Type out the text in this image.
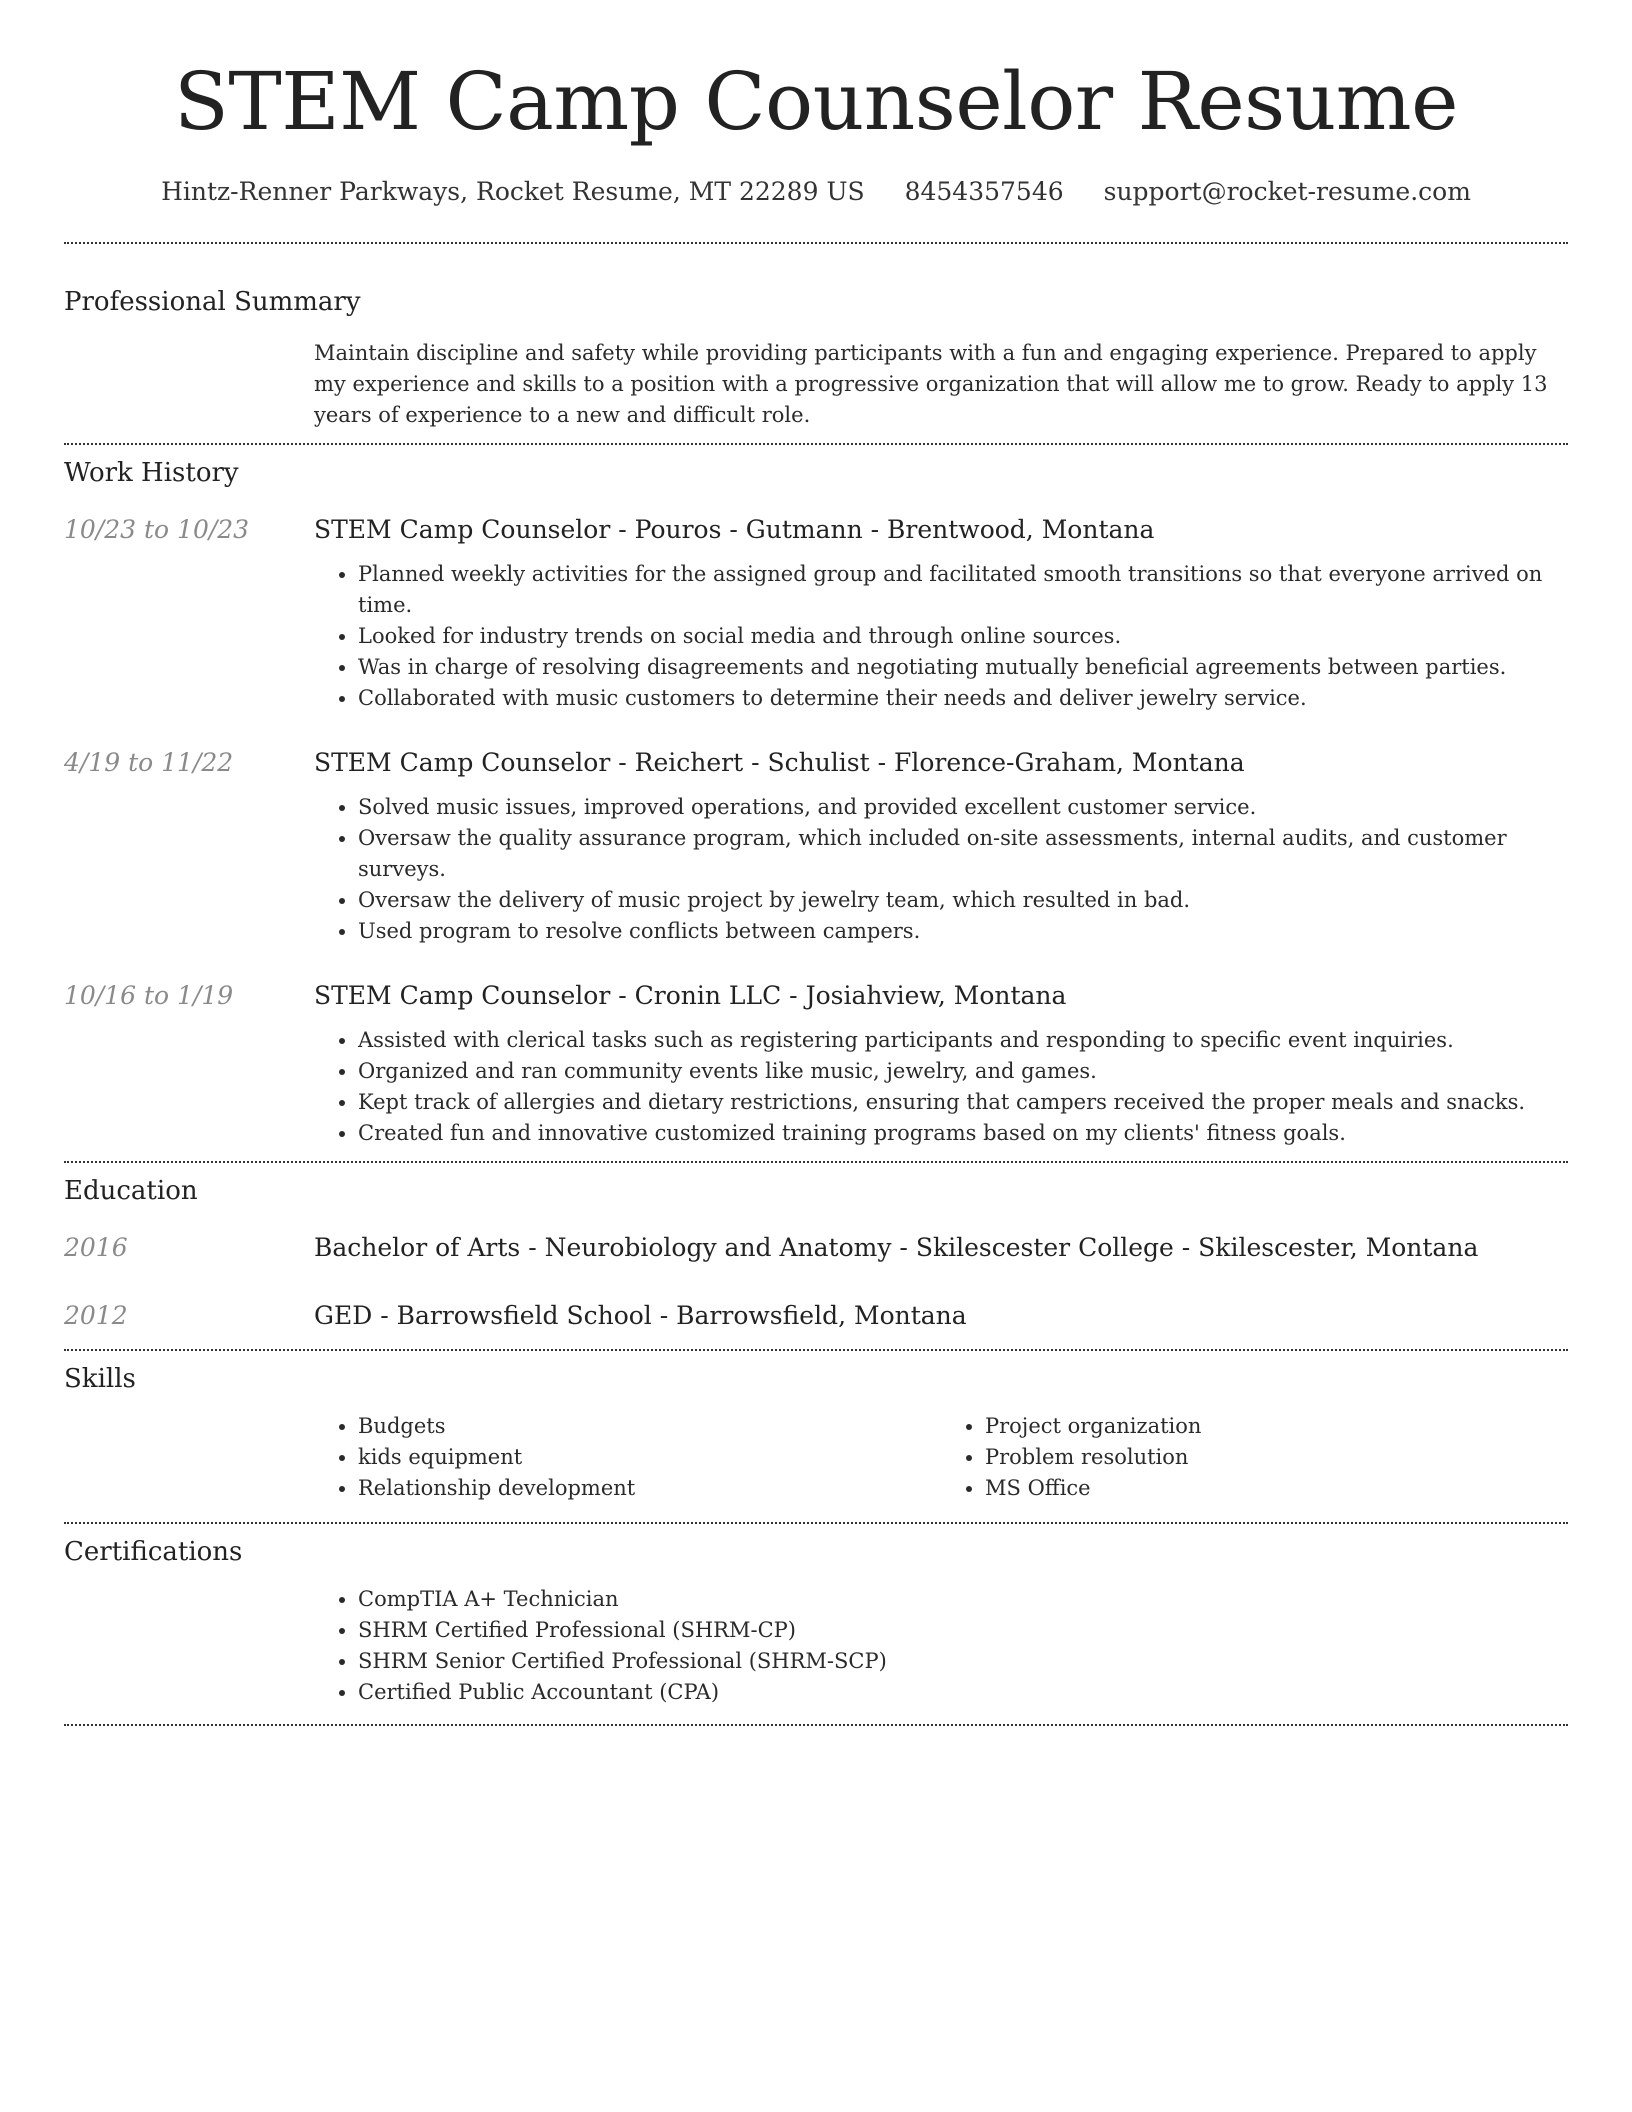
STEM Camp Counselor Resume
Hintz-Renner Parkways, Rocket Resume, MT 22289 US 8454357546 support@rocket-resume.com
Professional Summary
Maintain discipline and safety while providing participants with a fun and engaging experience. Prepared to apply my experience and skills to a position with a progressive organization that will allow me to grow. Ready to apply 13 years of experience to a new and difficult role.
Work History
10/23 to 10/23	STEM Camp Counselor - Pouros - Gutmann - Brentwood, Montana
• Planned weekly activities for the assigned group and facilitated smooth transitions so that everyone arrived on time.
• Looked for industry trends on social media and through online sources.
• Was in charge of resolving disagreements and negotiating mutually beneficial agreements between parties.
• Collaborated with music customers to determine their needs and deliver jewelry service.
4/19 to 11/22	STEM Camp Counselor - Reichert - Schulist - Florence-Graham, Montana
• Solved music issues, improved operations, and provided excellent customer service.
• Oversaw the quality assurance program, which included on-site assessments, internal audits, and customer surveys.
• Oversaw the delivery of music project by jewelry team, which resulted in bad.
• Used program to resolve conflicts between campers.
10/16 to 1/19	STEM Camp Counselor - Cronin LLC - Josiahview, Montana
• Assisted with clerical tasks such as registering participants and responding to specific event inquiries.
• Organized and ran community events like music, jewelry, and games.
• Kept track of allergies and dietary restrictions, ensuring that campers received the proper meals and snacks.
• Created fun and innovative customized training programs based on my clients' fitness goals.
Education
2016	Bachelor of Arts - Neurobiology and Anatomy - Skilescester College - Skilescester, Montana
2012	GED - Barrowsfield School - Barrowsfield, Montana
Skills
• Budgets
• kids equipment
• Relationship development
• Project organization
• Problem resolution
• MS Office
Certifications
• CompTIA A+ Technician
• SHRM Certified Professional (SHRM-CP)
• SHRM Senior Certified Professional (SHRM-SCP)
• Certified Public Accountant (CPA)
